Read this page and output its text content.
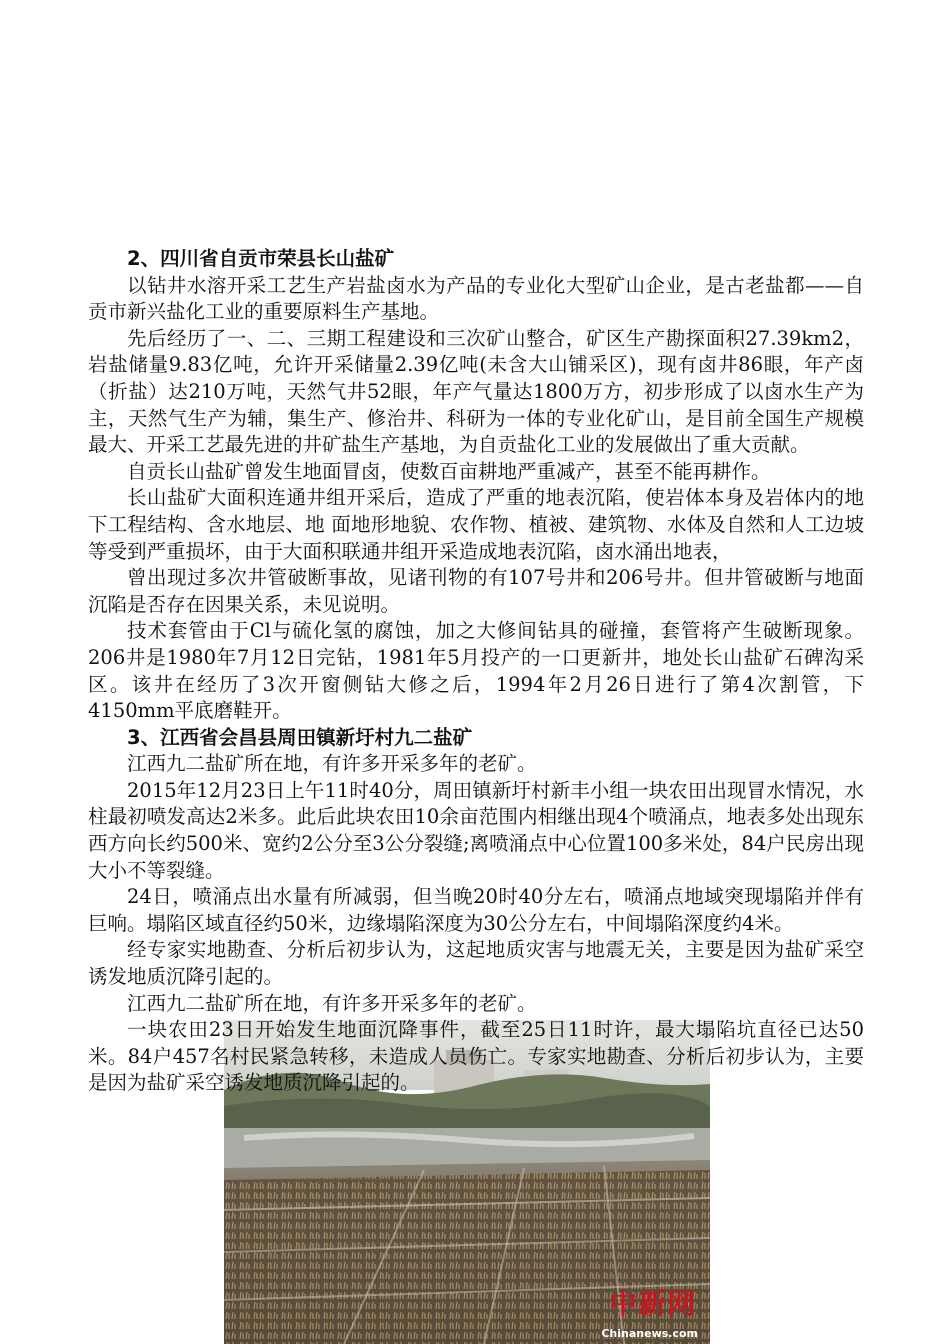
2、四川省自贡市荣县长山盐矿

以钻井水溶开采工艺生产岩盐卤水为产品的专业化大型矿山企业，是古老盐都——自贡市新兴盐化工业的重要原料生产基地。

先后经历了一、二、三期工程建设和三次矿山整合，矿区生产勘探面积27.39km2，岩盐储量9.83亿吨，允许开采储量2.39亿吨(未含大山铺采区)，现有卤井86眼，年产卤（折盐）达210万吨，天然气井52眼，年产气量达1800万方，初步形成了以卤水生产为主，天然气生产为辅，集生产、修治井、科研为一体的专业化矿山，是目前全国生产规模最大、开采工艺最先进的井矿盐生产基地，为自贡盐化工业的发展做出了重大贡献。

自贡长山盐矿曾发生地面冒卤，使数百亩耕地严重减产，甚至不能再耕作。

长山盐矿大面积连通井组开采后，造成了严重的地表沉陷，使岩体本身及岩体内的地下工程结构、含水地层、地 面地形地貌、农作物、植被、建筑物、水体及自然和人工边坡等受到严重损坏，由于大面积联通井组开采造成地表沉陷，卤水涌出地表，

曾出现过多次井管破断事故，见诸刊物的有107号井和206号井。但井管破断与地面沉陷是否存在因果关系，未见说明。

技术套管由于Cl与硫化氢的腐蚀，加之大修间钻具的碰撞，套管将产生破断现象。206井是1980年7月12日完钻，1981年5月投产的一口更新井，地处长山盐矿石碑沟采区。该井在经历了3次开窗侧钻大修之后，1994年2月26日进行了第4次割管，下4150mm平底磨鞋开。

3、江西省会昌县周田镇新圩村九二盐矿

江西九二盐矿所在地，有许多开采多年的老矿。

2015年12月23日上午11时40分，周田镇新圩村新丰小组一块农田出现冒水情况，水柱最初喷发高达2米多。此后此块农田10余亩范围内相继出现4个喷涌点，地表多处出现东西方向长约500米、宽约2公分至3公分裂缝;离喷涌点中心位置100多米处，84户民房出现大小不等裂缝。

24日，喷涌点出水量有所减弱，但当晚20时40分左右，喷涌点地域突现塌陷并伴有巨响。塌陷区域直径约50米，边缘塌陷深度为30公分左右，中间塌陷深度约4米。

经专家实地勘查、分析后初步认为，这起地质灾害与地震无关，主要是因为盐矿采空诱发地质沉降引起的。

江西九二盐矿所在地，有许多开采多年的老矿。

一块农田23日开始发生地面沉降事件，截至25日11时许，最大塌陷坑直径已达50米。84户457名村民紧急转移，未造成人员伤亡。专家实地勘查、分析后初步认为，主要是因为盐矿采空诱发地质沉降引起的。

中新网
Chinanews.com
